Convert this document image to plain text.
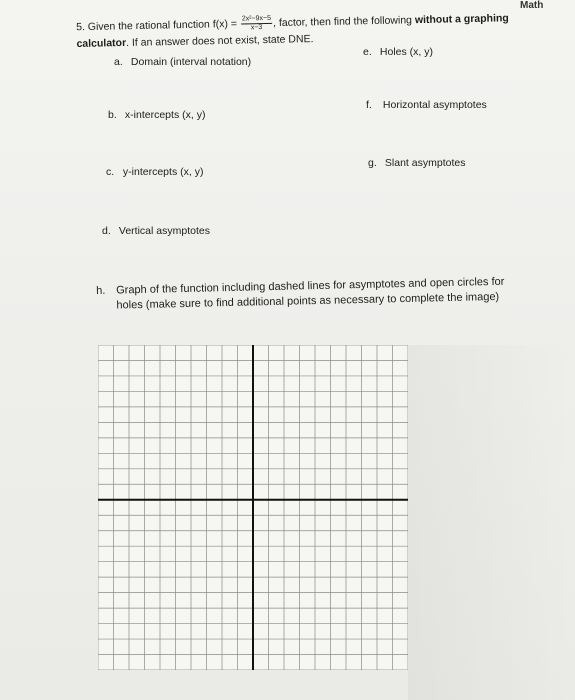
Math
5. Given the rational function $f(x) = \frac{\text{2x²−9x−5}}{x-3}$ , factor, then find the following without a graphing calculator. If an answer does not exist, state DNE.
a. Domain (interval notation)
e. Holes (x, y)
b. x-intercepts (x, y)
f. Horizontal asymptotes
c. y-intercepts (x, y)
g. Slant asymptotes
d. Vertical asymptotes
h. Graph of the function including dashed lines for asymptotes and open circles for
holes (make sure to find additional points as necessary to complete the image)
